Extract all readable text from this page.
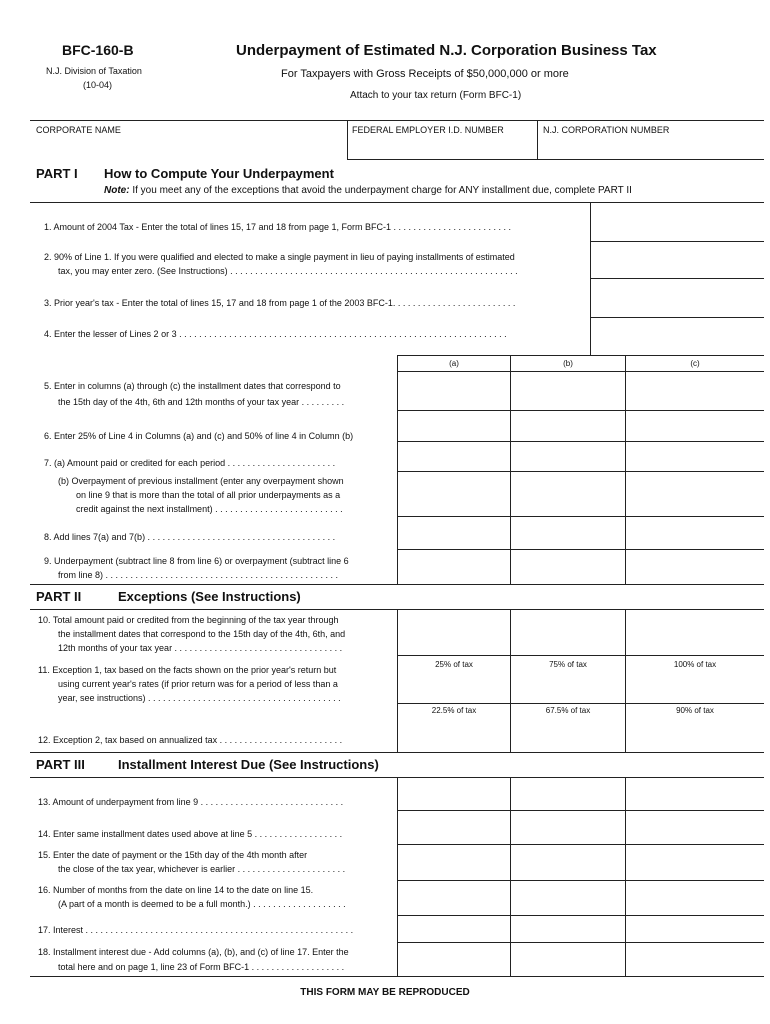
BFC-160-B
N.J. Division of Taxation
(10-04)
Underpayment of Estimated N.J. Corporation Business Tax
For Taxpayers with Gross Receipts of $50,000,000 or more
Attach to your tax return (Form BFC-1)
CORPORATE NAME	FEDERAL EMPLOYER I.D. NUMBER	N.J. CORPORATION NUMBER
PART I How to Compute Your Underpayment
Note: If you meet any of the exceptions that avoid the underpayment charge for ANY installment due, complete PART II
1. Amount of 2004 Tax - Enter the total of lines 15, 17 and 18 from page 1, Form BFC-1 . . . . . . . . . . . . . . . . . . . . . . . .
2. 90% of Line 1. If you were qualified and elected to make a single payment in lieu of paying installments of estimated
tax, you may enter zero. (See Instructions) . . . . . . . . . . . . . . . . . . . . . . . . . . . . . . . . . . . . . . . . . . . . . . . . . . . . . . . . . .
3. Prior year's tax - Enter the total of lines 15, 17 and 18 from page 1 of the 2003 BFC-1. . . . . . . . . . . . . . . . . . . . . . . . .
4. Enter the lesser of Lines 2 or 3 . . . . . . . . . . . . . . . . . . . . . . . . . . . . . . . . . . . . . . . . . . . . . . . . . . . . . . . . . . . . . . . . . .
(a)	(b)	(c)
5. Enter in columns (a) through (c) the installment dates that correspond to
the 15th day of the 4th, 6th and 12th months of your tax year . . . . . . . . .
6. Enter 25% of Line 4 in Columns (a) and (c) and 50% of line 4 in Column (b)
7. (a) Amount paid or credited for each period . . . . . . . . . . . . . . . . . . . . . .
(b) Overpayment of previous installment (enter any overpayment shown
on line 9 that is more than the total of all prior underpayments as a
credit against the next installment) . . . . . . . . . . . . . . . . . . . . . . . . . .
8. Add lines 7(a) and 7(b) . . . . . . . . . . . . . . . . . . . . . . . . . . . . . . . . . . . . . .
9. Underpayment (subtract line 8 from line 6) or overpayment (subtract line 6
from line 8) . . . . . . . . . . . . . . . . . . . . . . . . . . . . . . . . . . . . . . . . . . . . . . .
PART II	Exceptions (See Instructions)
10. Total amount paid or credited from the beginning of the tax year through
the installment dates that correspond to the 15th day of the 4th, 6th, and
12th months of your tax year . . . . . . . . . . . . . . . . . . . . . . . . . . . . . . . . . .
11. Exception 1, tax based on the facts shown on the prior year's return but
using current year's rates (if prior return was for a period of less than a
year, see instructions) . . . . . . . . . . . . . . . . . . . . . . . . . . . . . . . . . . . . . . .
25% of tax	75% of tax	100% of tax
22.5% of tax	67.5% of tax	90% of tax
12. Exception 2, tax based on annualized tax . . . . . . . . . . . . . . . . . . . . . . . . .
PART III	Installment Interest Due (See Instructions)
13. Amount of underpayment from line 9 . . . . . . . . . . . . . . . . . . . . . . . . . . . . .
14. Enter same installment dates used above at line 5 . . . . . . . . . . . . . . . . . .
15. Enter the date of payment or the 15th day of the 4th month after
the close of the tax year, whichever is earlier . . . . . . . . . . . . . . . . . . . . . .
16. Number of months from the date on line 14 to the date on line 15.
(A part of a month is deemed to be a full month.) . . . . . . . . . . . . . . . . . . .
17. Interest . . . . . . . . . . . . . . . . . . . . . . . . . . . . . . . . . . . . . . . . . . . . . . . . . . . . . .
18. Installment interest due - Add columns (a), (b), and (c) of line 17. Enter the
total here and on page 1, line 23 of Form BFC-1 . . . . . . . . . . . . . . . . . . .
THIS FORM MAY BE REPRODUCED
